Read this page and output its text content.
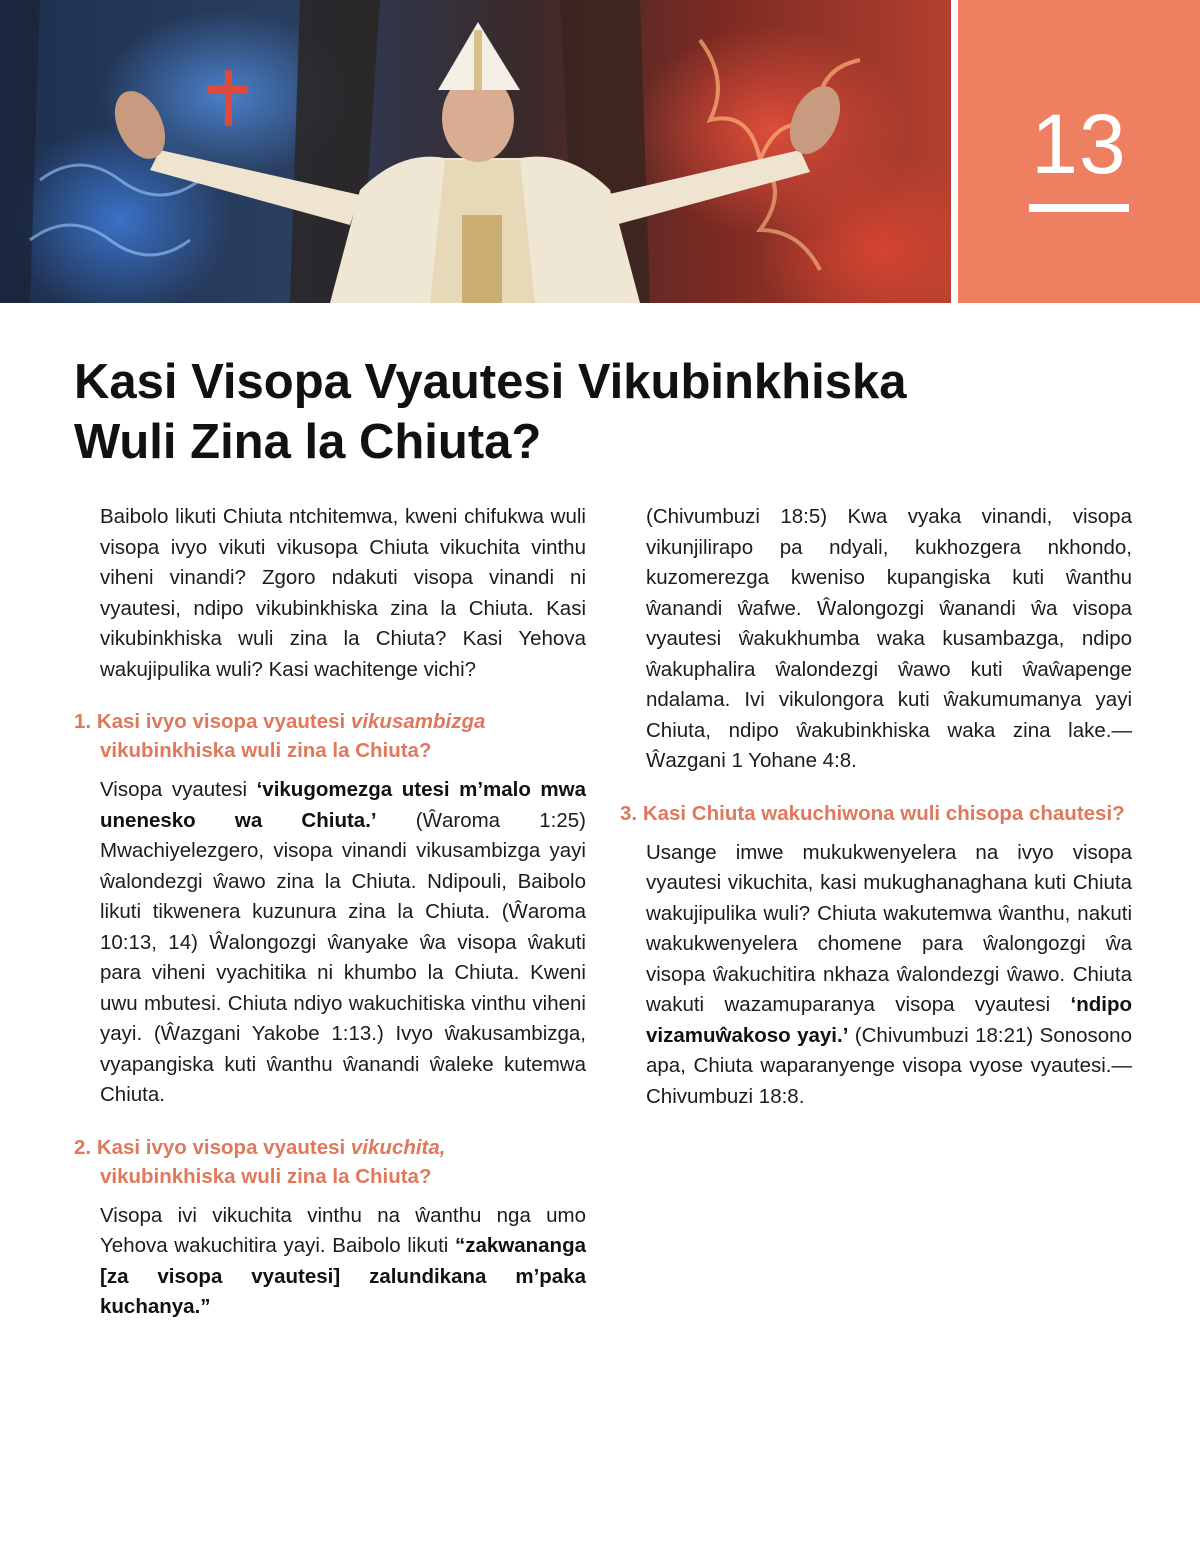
13
Kasi Visopa Vyautesi Vikubinkhiska
Wuli Zina la Chiuta?

Baibolo likuti Chiuta ntchitemwa, kweni chifukwa wuli visopa ivyo vikuti vikusopa Chiuta vikuchita vinthu viheni vinandi? Zgoro ndakuti visopa vinandi ni vyautesi, ndipo vikubinkhiska zina la Chiuta. Kasi vikubinkhiska wuli zina la Chiuta? Kasi Yehova wakujipulika wuli? Kasi wachitenge vichi?

1. Kasi ivyo visopa vyautesi vikusambizga vikubinkhiska wuli zina la Chiuta?

Visopa vyautesi ‘vikugomezga utesi m’malo mwa unenesko wa Chiuta.’ (Ŵaroma 1:25) Mwachiyelezgero, visopa vinandi vikusambizga yayi ŵalondezgi ŵawo zina la Chiuta. Ndipouli, Baibolo likuti tikwenera kuzunura zina la Chiuta. (Ŵaroma 10:13, 14) Ŵalongozgi ŵanyake ŵa visopa ŵakuti para viheni vyachitika ni khumbo la Chiuta. Kweni uwu mbutesi. Chiuta ndiyo wakuchitiska vinthu viheni yayi. (Ŵazgani Yakobe 1:13.) Ivyo ŵakusambizga, vyapangiska kuti ŵanthu ŵanandi ŵaleke kutemwa Chiuta.

2. Kasi ivyo visopa vyautesi vikuchita, vikubinkhiska wuli zina la Chiuta?

Visopa ivi vikuchita vinthu na ŵanthu nga umo Yehova wakuchitira yayi. Baibolo likuti “zakwananga [za visopa vyautesi] zalundikana m’paka kuchanya.”

(Chivumbuzi 18:5) Kwa vyaka vinandi, visopa vikunjilirapo pa ndyali, kukhozgera nkhondo, kuzomerezga kweniso kupangiska kuti ŵanthu ŵanandi ŵafwe. Ŵalongozgi ŵanandi ŵa visopa vyautesi ŵakukhumba waka kusambazga, ndipo ŵakuphalira ŵalondezgi ŵawo kuti ŵaŵapenge ndalama. Ivi vikulongora kuti ŵakumumanya yayi Chiuta, ndipo ŵakubinkhiska waka zina lake.—Ŵazgani 1 Yohane 4:8.

3. Kasi Chiuta wakuchiwona wuli chisopa chautesi?

Usange imwe mukukwenyelera na ivyo visopa vyautesi vikuchita, kasi mukughanaghana kuti Chiuta wakujipulika wuli? Chiuta wakutemwa ŵanthu, nakuti wakukwenyelera chomene para ŵalongozgi ŵa visopa ŵakuchitira nkhaza ŵalondezgi ŵawo. Chiuta wakuti wazamuparanya visopa vyautesi ‘ndipo vizamuŵakoso yayi.’ (Chivumbuzi 18:21) Sonosono apa, Chiuta waparanyenge visopa vyose vyautesi.—Chivumbuzi 18:8.
